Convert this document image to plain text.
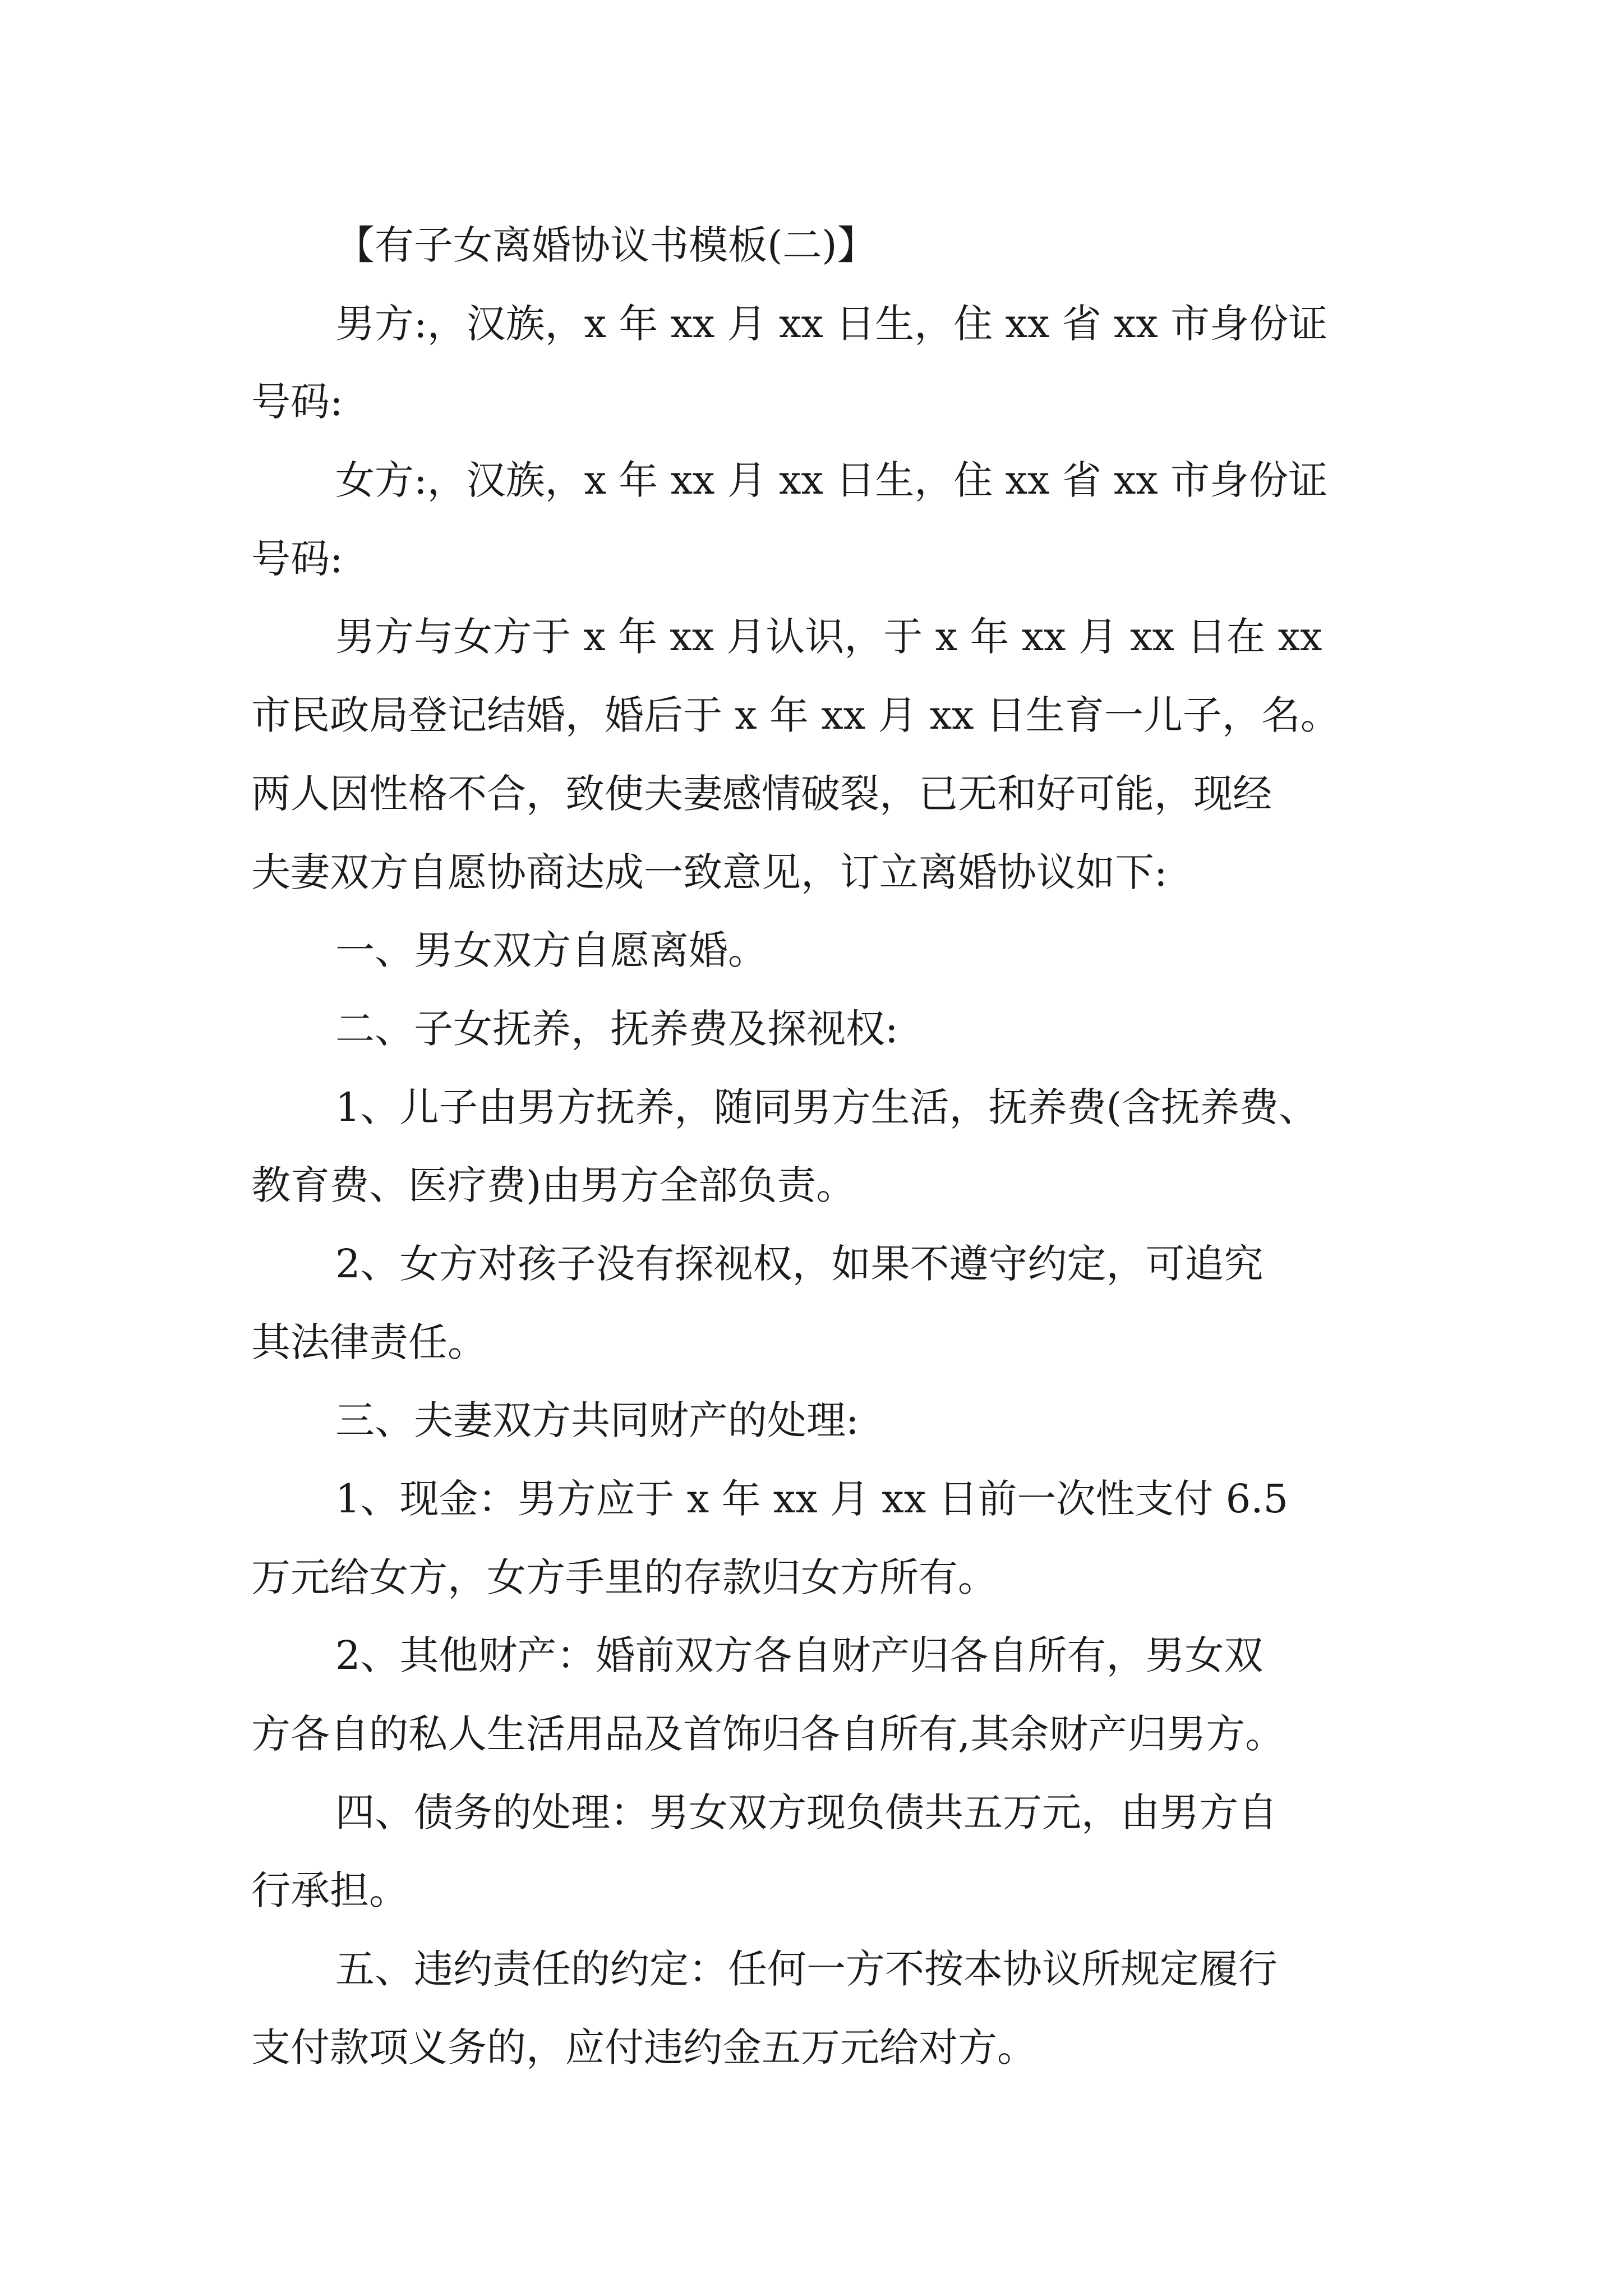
【有子女离婚协议书模板(二)】
男方:，汉族，x 年 xx 月 xx 日生，住 xx 省 xx 市身份证
号码:
女方:，汉族，x 年 xx 月 xx 日生，住 xx 省 xx 市身份证
号码:
男方与女方于 x 年 xx 月认识，于 x 年 xx 月 xx 日在 xx
市民政局登记结婚，婚后于 x 年 xx 月 xx 日生育一儿子，名。
两人因性格不合，致使夫妻感情破裂，已无和好可能，现经
夫妻双方自愿协商达成一致意见，订立离婚协议如下:
一、男女双方自愿离婚。
二、子女抚养，抚养费及探视权:
1、儿子由男方抚养，随同男方生活，抚养费(含抚养费、
教育费、医疗费)由男方全部负责。
2、女方对孩子没有探视权，如果不遵守约定，可追究
其法律责任。
三、夫妻双方共同财产的处理:
1、现金：男方应于 x 年 xx 月 xx 日前一次性支付 6.5
万元给女方，女方手里的存款归女方所有。
2、其他财产：婚前双方各自财产归各自所有，男女双
方各自的私人生活用品及首饰归各自所有,其余财产归男方。
四、债务的处理：男女双方现负债共五万元，由男方自
行承担。
五、违约责任的约定：任何一方不按本协议所规定履行
支付款项义务的，应付违约金五万元给对方。
